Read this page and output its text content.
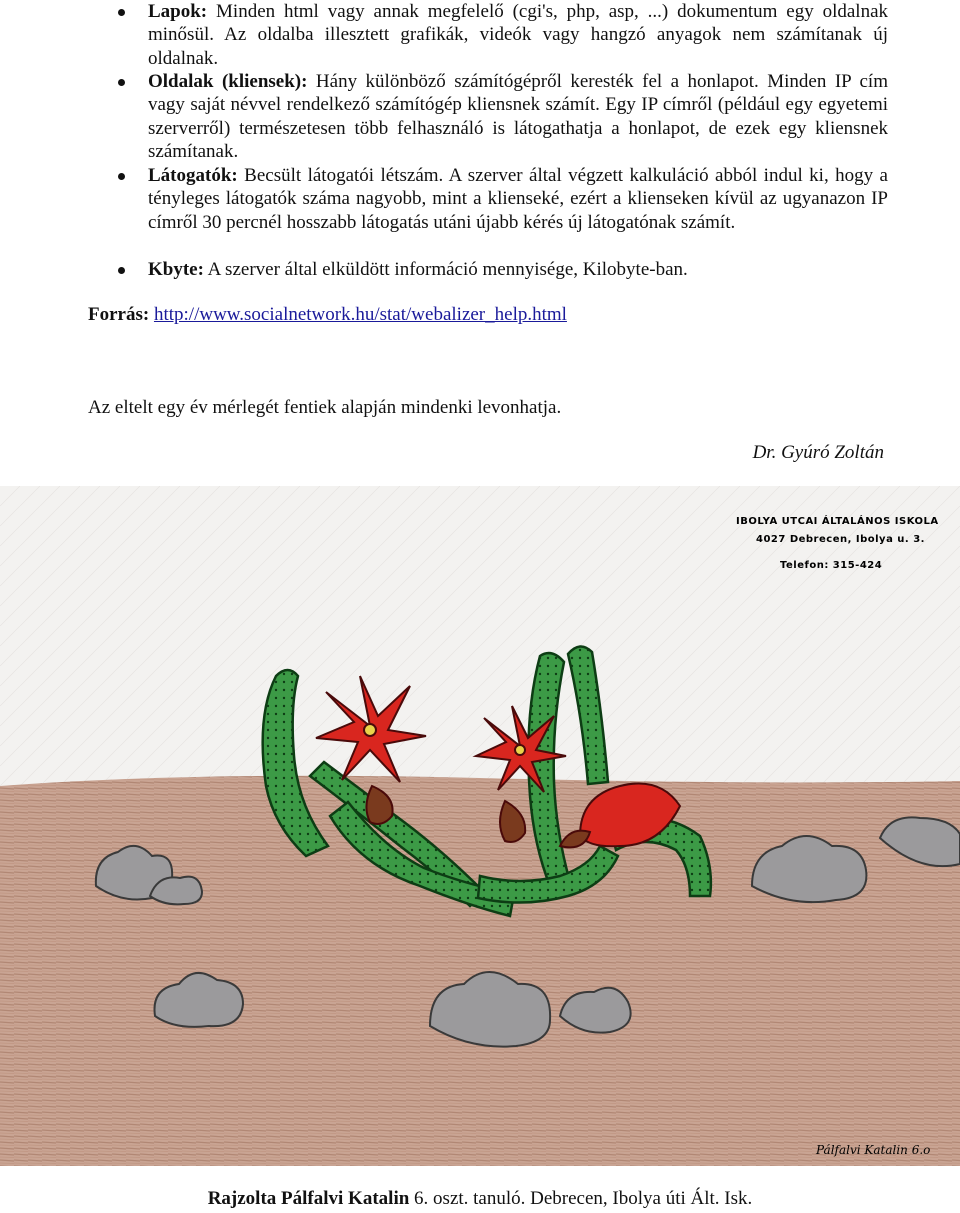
Lapok: Minden html vagy annak megfelelő (cgi's, php, asp, ...) dokumentum egy oldalnak minősül. Az oldalba illesztett grafikák, videók vagy hangzó anyagok nem számítanak új oldalnak.
Oldalak (kliensek): Hány különböző számítógépről keresték fel a honlapot. Minden IP cím vagy saját névvel rendelkező számítógép kliensnek számít. Egy IP címről (például egy egyetemi szerverről) természetesen több felhasználó is látogathatja a honlapot, de ezek egy kliensnek számítanak.
Látogatók: Becsült látogatói létszám. A szerver által végzett kalkuláció abból indul ki, hogy a tényleges látogatók száma nagyobb, mint a klienseké, ezért a klienseken kívül az ugyanazon IP címről 30 percnél hosszabb látogatás utáni újabb kérés új látogatónak számít.
Kbyte: A szerver által elküldött információ mennyisége, Kilobyte-ban.
Forrás: http://www.socialnetwork.hu/stat/webalizer_help.html
Az eltelt egy év mérlegét fentiek alapján mindenki levonhatja.
Dr. Gyúró Zoltán
IBOLYA UTCAI ÁLTALÁNOS ISKOLA
4027 Debrecen, Ibolya u. 3.
Telefon: 315-424
Pálfalvi Katalin 6.o
Rajzolta Pálfalvi Katalin 6. oszt. tanuló. Debrecen, Ibolya úti Ált. Isk.
